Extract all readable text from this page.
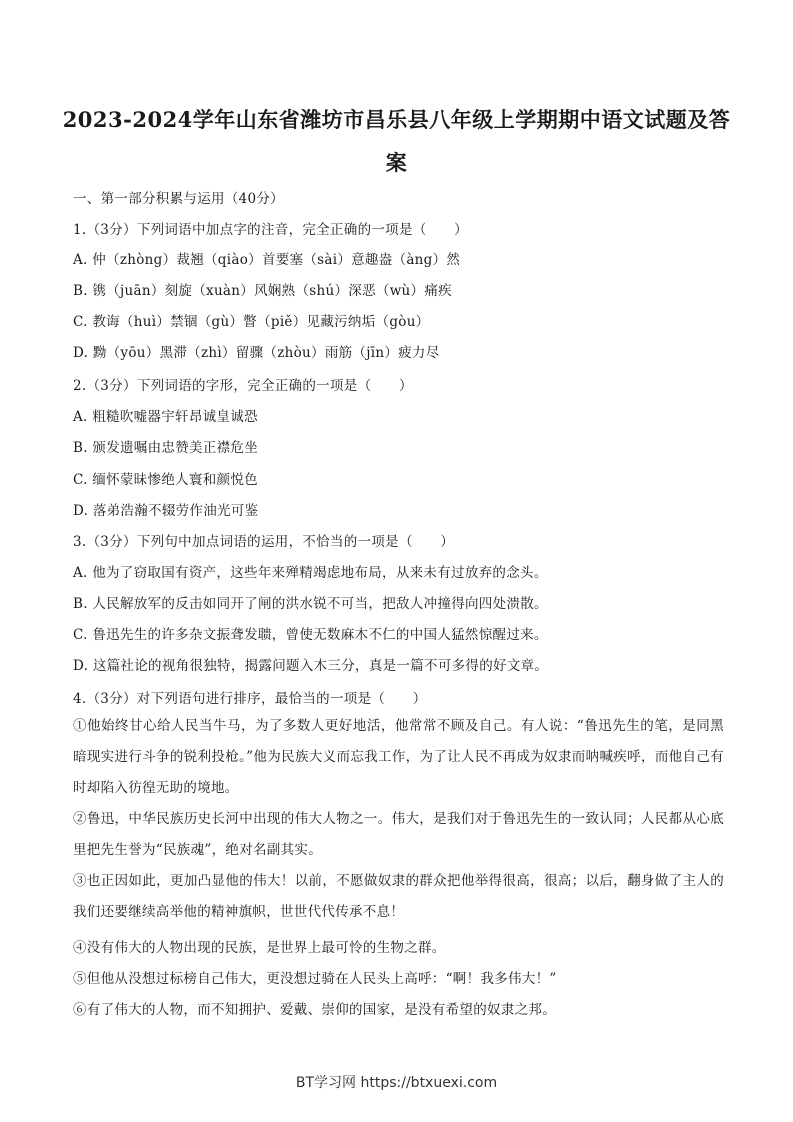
2023-2024学年山东省潍坊市昌乐县八年级上学期期中语文试题及答
案
一、第一部分积累与运用（40分）
1.（3分）下列词语中加点字的注音，完全正确的一项是（　　）
A. 仲（zhòng）裁翘（qiào）首要塞（sài）意趣盎（àng）然
B. 镌（juān）刻旋（xuàn）风娴熟（shú）深恶（wù）痛疾
C. 教诲（huì）禁锢（gù）瞥（piě）见藏污纳垢（gòu）
D. 黝（yōu）黑滞（zhì）留骤（zhòu）雨筋（jīn）疲力尽
2.（3分）下列词语的字形，完全正确的一项是（　　）
A. 粗糙吹嘘器宇轩昂诚皇诚恐
B. 颁发遗嘱由忠赞美正襟危坐
C. 缅怀蒙昧惨绝人寰和颜悦色
D. 落弟浩瀚不辍劳作油光可鉴
3.（3分）下列句中加点词语的运用，不恰当的一项是（　　）
A. 他为了窃取国有资产，这些年来殚精竭虑地布局，从来未有过放弃的念头。
B. 人民解放军的反击如同开了闸的洪水锐不可当，把敌人冲撞得向四处溃散。
C. 鲁迅先生的许多杂文振聋发聩，曾使无数麻木不仁的中国人猛然惊醒过来。
D. 这篇社论的视角很独特，揭露问题入木三分，真是一篇不可多得的好文章。
4.（3分）对下列语句进行排序，最恰当的一项是（　　）
①他始终甘心给人民当牛马，为了多数人更好地活，他常常不顾及自己。有人说：“鲁迅先生的笔，是同黑暗现实进行斗争的锐利投枪。”他为民族大义而忘我工作，为了让人民不再成为奴隶而呐喊疾呼，而他自己有时却陷入彷徨无助的境地。
②鲁迅，中华民族历史长河中出现的伟大人物之一。伟大，是我们对于鲁迅先生的一致认同；人民都从心底里把先生誉为“民族魂”，绝对名副其实。
③也正因如此，更加凸显他的伟大！以前，不愿做奴隶的群众把他举得很高，很高；以后，翻身做了主人的我们还要继续高举他的精神旗帜，世世代代传承不息！
④没有伟大的人物出现的民族，是世界上最可怜的生物之群。
⑤但他从没想过标榜自己伟大，更没想过骑在人民头上高呼：“啊！我多伟大！”
⑥有了伟大的人物，而不知拥护、爱戴、崇仰的国家，是没有希望的奴隶之邦。
BT学习网 https://btxuexi.com
